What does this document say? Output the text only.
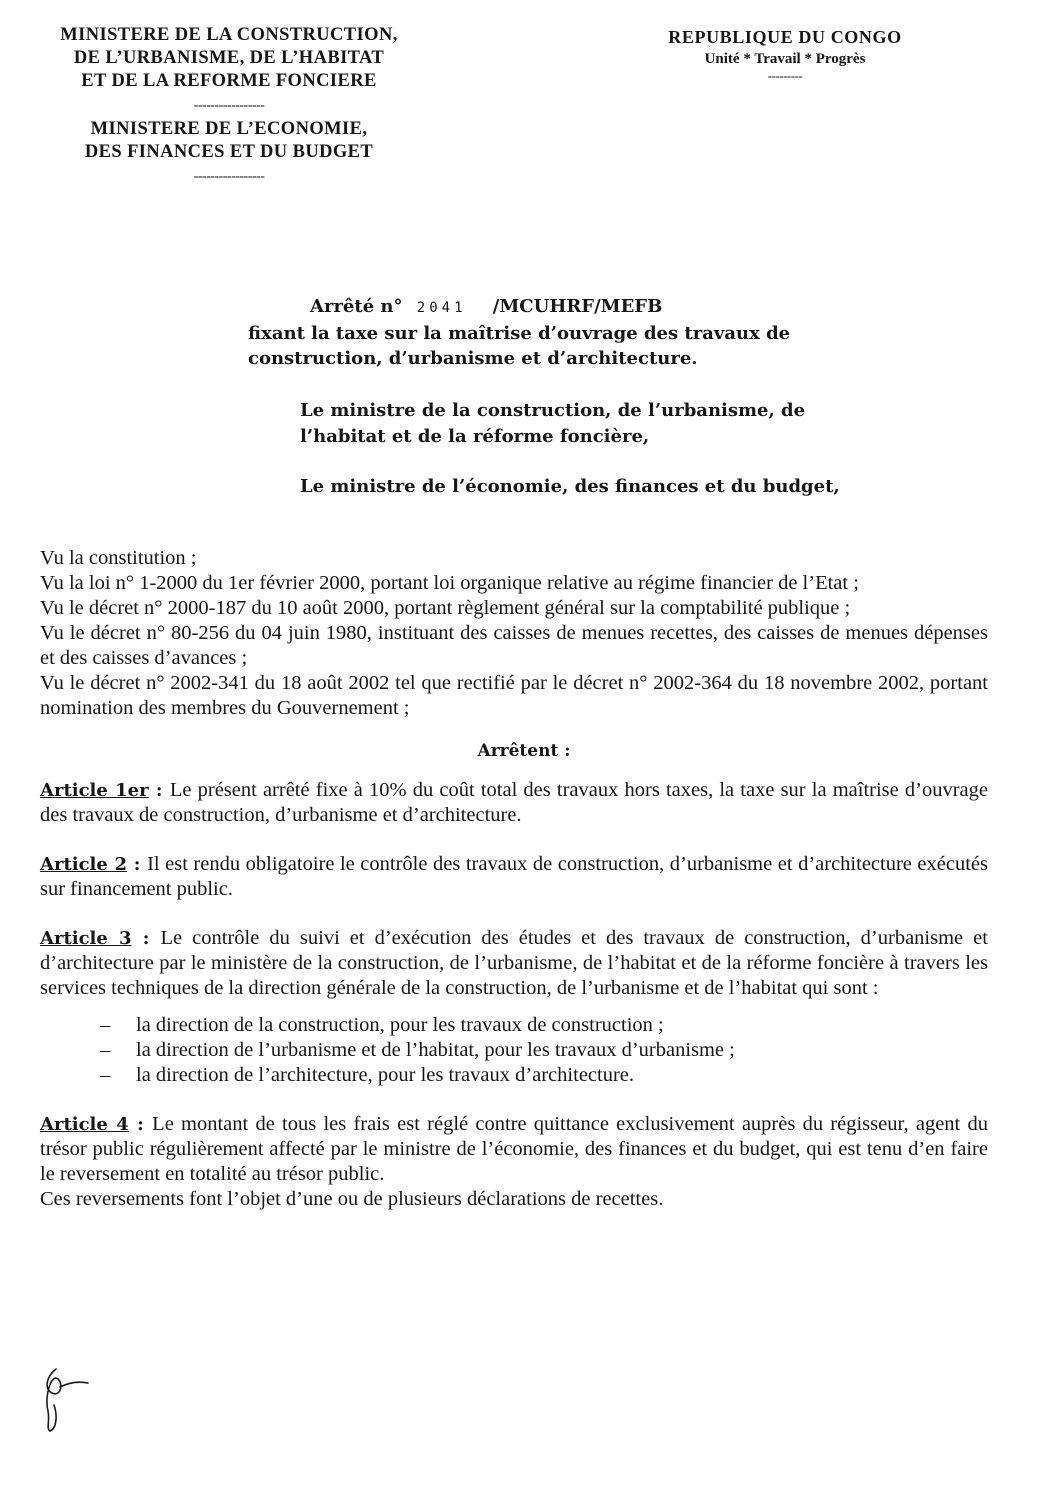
MINISTERE DE LA CONSTRUCTION,
DE L’URBANISME, DE L’HABITAT
ET DE LA REFORME FONCIERE
-----------------
MINISTERE DE L’ECONOMIE,
DES FINANCES ET DU BUDGET
-----------------
REPUBLIQUE DU CONGO
Unité * Travail * Progrès
---------
Arrêté n° 2041 /MCUHRF/MEFB
fixant la taxe sur la maîtrise d’ouvrage des travaux de construction, d’urbanisme et d’architecture.

Le ministre de la construction, de l’urbanisme, de l’habitat et de la réforme foncière,

Le ministre de l’économie, des finances et du budget,

Vu la constitution ;

Vu la loi n° 1-2000 du 1er février 2000, portant loi organique relative au régime financier de l’Etat ;

Vu le décret n° 2000-187 du 10 août 2000, portant règlement général sur la comptabilité publique ;

Vu le décret n° 80-256 du 04 juin 1980, instituant des caisses de menues recettes, des caisses de menues dépenses et des caisses d’avances ;

Vu le décret n° 2002-341 du 18 août 2002 tel que rectifié par le décret n° 2002-364 du 18 novembre 2002, portant nomination des membres du Gouvernement ;

Arrêtent :

Article 1er : Le présent arrêté fixe à 10% du coût total des travaux hors taxes, la taxe sur la maîtrise d’ouvrage des travaux de construction, d’urbanisme et d’architecture.

Article 2 : Il est rendu obligatoire le contrôle des travaux de construction, d’urbanisme et d’architecture exécutés sur financement public.

Article 3 : Le contrôle du suivi et d’exécution des études et des travaux de construction, d’urbanisme et d’architecture par le ministère de la construction, de l’urbanisme, de l’habitat et de la réforme foncière à travers les services techniques de la direction générale de la construction, de l’urbanisme et de l’habitat qui sont :

– la direction de la construction, pour les travaux de construction ;
– la direction de l’urbanisme et de l’habitat, pour les travaux d’urbanisme ;
– la direction de l’architecture, pour les travaux d’architecture.

Article 4 : Le montant de tous les frais est réglé contre quittance exclusivement auprès du régisseur, agent du trésor public régulièrement affecté par le ministre de l’économie, des finances et du budget, qui est tenu d’en faire le reversement en totalité au trésor public.

Ces reversements font l’objet d’une ou de plusieurs déclarations de recettes.
